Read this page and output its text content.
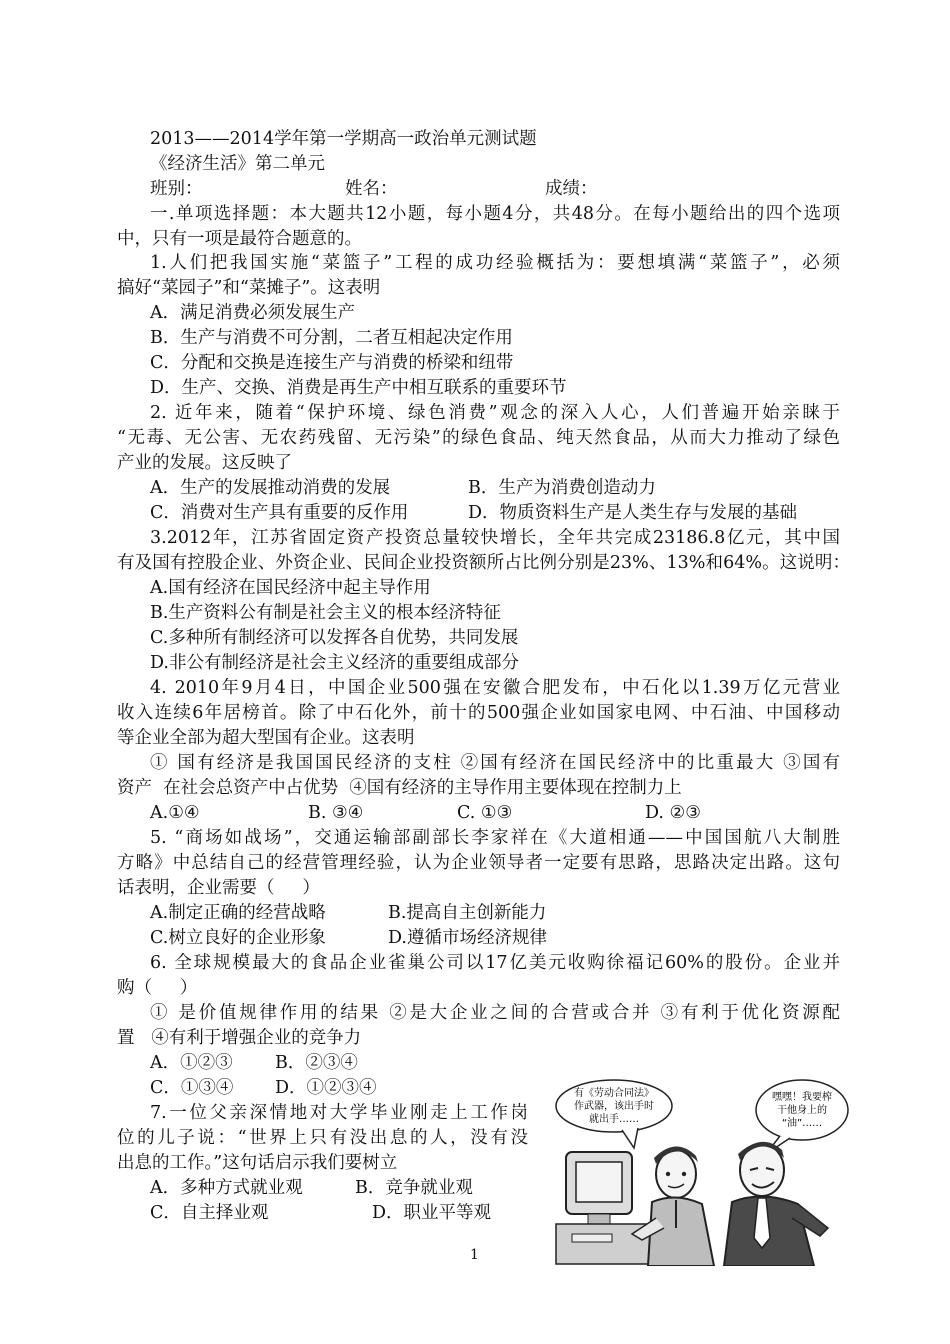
2013——2014学年第一学期高一政治单元测试题
《经济生活》第二单元
班别：	姓名：	成绩：
一.单项选择题：本大题共12小题，每小题4分，共48分。在每小题给出的四个选项
中，只有一项是最符合题意的。
1.人们把我国实施“菜篮子”工程的成功经验概括为：要想填满“菜篮子”，必须
搞好“菜园子”和“菜摊子”。这表明
A．满足消费必须发展生产
B．生产与消费不可分割，二者互相起决定作用
C．分配和交换是连接生产与消费的桥梁和纽带
D．生产、交换、消费是再生产中相互联系的重要环节
2. 近年来，随着“保护环境、绿色消费”观念的深入人心，人们普遍开始亲睐于
“无毒、无公害、无农药残留、无污染”的绿色食品、纯天然食品，从而大力推动了绿色
产业的发展。这反映了
A．生产的发展推动消费的发展	B．生产为消费创造动力
C．消费对生产具有重要的反作用	D．物质资料生产是人类生存与发展的基础
3.2012年，江苏省固定资产投资总量较快增长，全年共完成23186.8亿元，其中国
有及国有控股企业、外资企业、民间企业投资额所占比例分别是23%、13%和64%。这说明：
A.国有经济在国民经济中起主导作用
B.生产资料公有制是社会主义的根本经济特征
C.多种所有制经济可以发挥各自优势，共同发展
D.非公有制经济是社会主义经济的重要组成部分
4. 2010年9月4日，中国企业500强在安徽合肥发布，中石化以1.39万亿元营业
收入连续6年居榜首。除了中石化外，前十的500强企业如国家电网、中石油、中国移动
等企业全部为超大型国有企业。这表明
① 国有经济是我国国民经济的支柱 ②国有经济在国民经济中的比重最大 ③国有
资产  在社会总资产中占优势  ④国有经济的主导作用主要体现在控制力上
A.①④	B. ③④	C. ①③	D. ②③
5. “商场如战场”，交通运输部副部长李家祥在《大道相通——中国国航八大制胜
方略》中总结自己的经营管理经验，认为企业领导者一定要有思路，思路决定出路。这句
话表明，企业需要（     ）
A.制定正确的经营战略	B.提高自主创新能力
C.树立良好的企业形象	D.遵循市场经济规律
6. 全球规模最大的食品企业雀巢公司以17亿美元收购徐福记60%的股份。企业并
购（     ）
① 是价值规律作用的结果 ②是大企业之间的合营或合并 ③有利于优化资源配
置   ④有利于增强企业的竞争力
A．①②③ B．②③④
C．①③④ D．①②③④
7.一位父亲深情地对大学毕业刚走上工作岗
位的儿子说：“世界上只有没出息的人，没有没
出息的工作。”这句话启示我们要树立
A．多种方式就业观	B．竞争就业观
C．自主择业观	D．职业平等观
有《劳动合同法》
作武器，该出手时
就出手……
嘿嘿！我要榨
干他身上的
“油”……
1
